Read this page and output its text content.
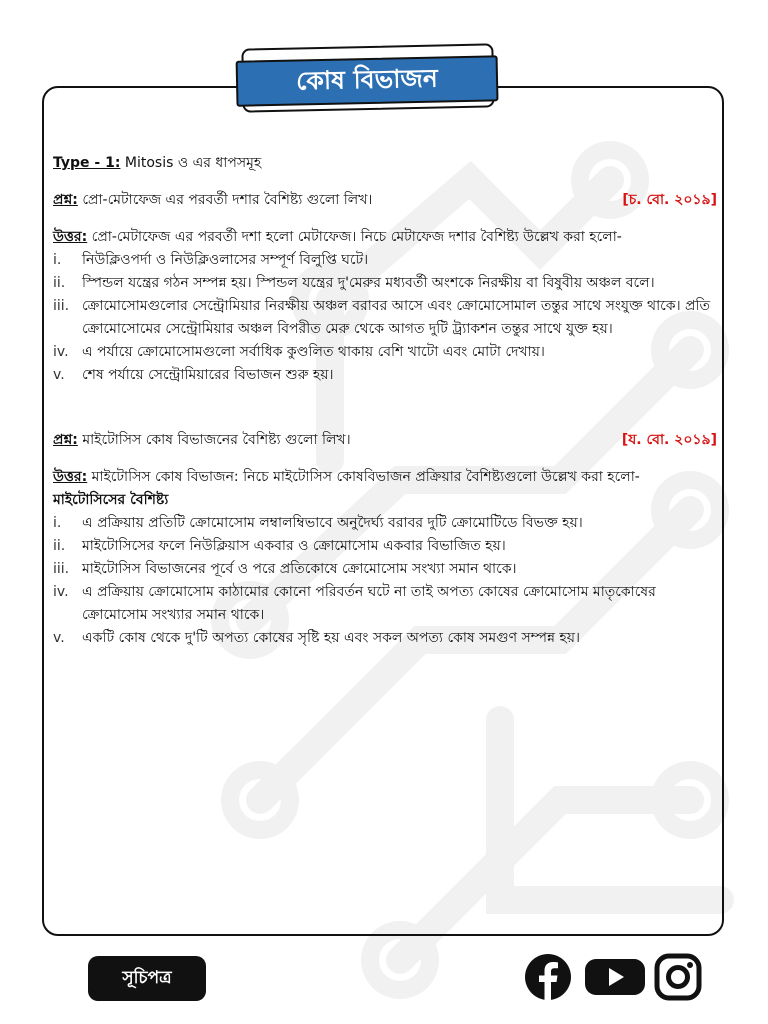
কোষ বিভাজন
Type - 1: Mitosis ও এর ধাপসমূহ
প্রশ্ন: প্রো-মেটাফেজ এর পরবর্তী দশার বৈশিষ্ট্য গুলো লিখ।	[চ. বো. ২০১৯]
উত্তর: প্রো-মেটাফেজ এর পরবর্তী দশা হলো মেটাফেজ। নিচে মেটাফেজ দশার বৈশিষ্ট্য উল্লেখ করা হলো-
i. নিউক্লিওপর্দা ও নিউক্লিওলাসের সম্পূর্ণ বিলুপ্তি ঘটে।
ii. স্পিন্ডল যন্ত্রের গঠন সম্পন্ন হয়। স্পিন্ডল যন্ত্রের দু'মেরুর মধ্যবর্তী অংশকে নিরক্ষীয় বা বিষুবীয় অঞ্চল বলে।
iii. ক্রোমোসোমগুলোর সেন্ট্রোমিয়ার নিরক্ষীয় অঞ্চল বরাবর আসে এবং ক্রোমোসোমাল তন্তুর সাথে সংযুক্ত থাকে। প্রতি ক্রোমোসোমের সেন্ট্রোমিয়ার অঞ্চল বিপরীত মেরু থেকে আগত দুটি ট্র্যাকশন তন্তুর সাথে যুক্ত হয়।
iv. এ পর্যায়ে ক্রোমোসোমগুলো সর্বাধিক কুণ্ডলিত থাকায় বেশি খাটো এবং মোটা দেখায়।
v. শেষ পর্যায়ে সেন্ট্রোমিয়ারের বিভাজন শুরু হয়।
প্রশ্ন: মাইটোসিস কোষ বিভাজনের বৈশিষ্ট্য গুলো লিখ।	[য. বো. ২০১৯]
উত্তর: মাইটোসিস কোষ বিভাজন: নিচে মাইটোসিস কোষবিভাজন প্রক্রিয়ার বৈশিষ্ট্যগুলো উল্লেখ করা হলো-
মাইটোসিসের বৈশিষ্ট্য
i. এ প্রক্রিয়ায় প্রতিটি ক্রোমোসোম লম্বালম্বিভাবে অনুদৈর্ঘ্য বরাবর দুটি ক্রোমোটিডে বিভক্ত হয়।
ii. মাইটোসিসের ফলে নিউক্লিয়াস একবার ও ক্রোমোসোম একবার বিভাজিত হয়।
iii. মাইটোসিস বিভাজনের পূর্বে ও পরে প্রতিকোষে ক্রোমোসোম সংখ্যা সমান থাকে।
iv. এ প্রক্রিয়ায় ক্রোমোসোম কাঠামোর কোনো পরিবর্তন ঘটে না তাই অপত্য কোষের ক্রোমোসোম মাতৃকোষের ক্রোমোসোম সংখ্যার সমান থাকে।
v. একটি কোষ থেকে দু'টি অপত্য কোষের সৃষ্টি হয় এবং সকল অপত্য কোষ সমগুণ সম্পন্ন হয়।
সূচিপত্র
